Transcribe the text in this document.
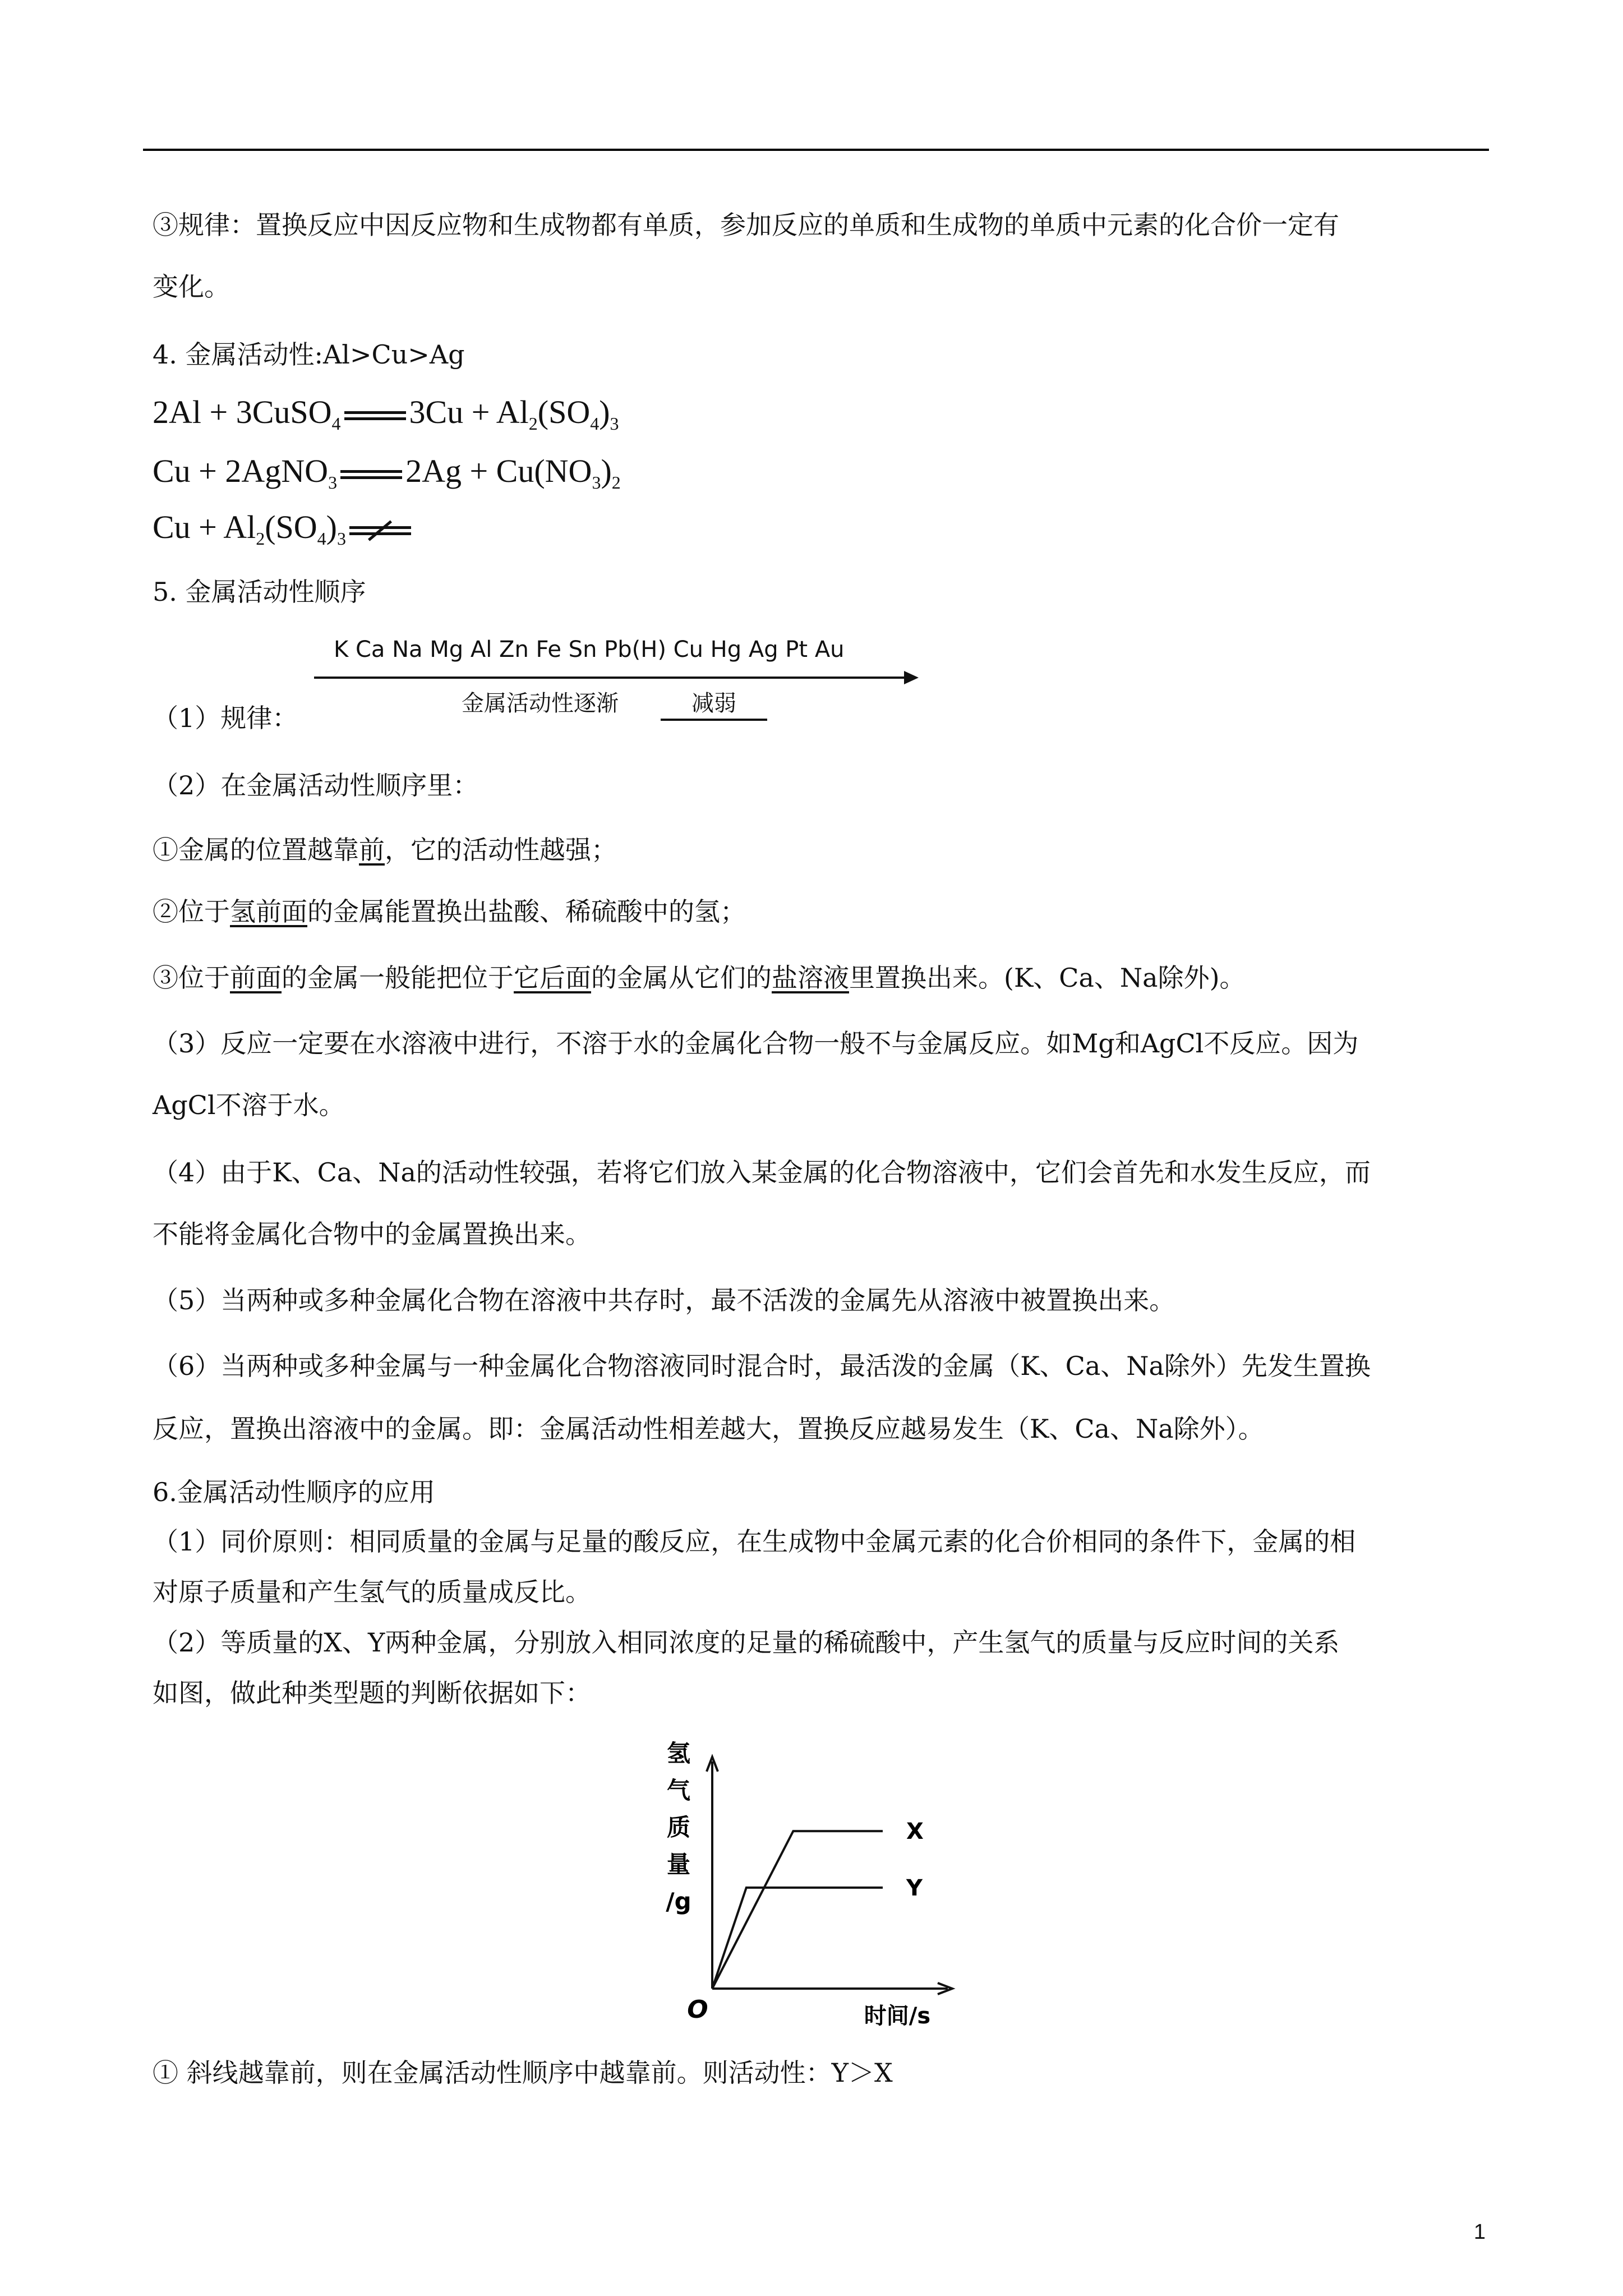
③规律：置换反应中因反应物和生成物都有单质，参加反应的单质和生成物的单质中元素的化合价一定有
变化。
4. 金属活动性:Al>Cu>Ag
2Al + 3CuSO$_4$ $3Cu + Al_2(SO_4)_3$
Cu + 2AgNO$_3$ $2Ag + Cu(NO_3)_2$
$Cu + Al_2(SO_4)_3$
5. 金属活动性顺序
K Ca Na Mg Al Zn Fe Sn Pb(H) Cu Hg Ag Pt Au
金属活动性逐渐	减弱
（1）规律：
（2）在金属活动性顺序里：
①金属的位置越靠前，它的活动性越强；
②位于氢前面的金属能置换出盐酸、稀硫酸中的氢；
③位于前面的金属一般能把位于它后面的金属从它们的盐溶液里置换出来。(K、Ca、Na除外)。
（3）反应一定要在水溶液中进行，不溶于水的金属化合物一般不与金属反应。如Mg和AgCl不反应。因为
AgCl不溶于水。
（4）由于K、Ca、Na的活动性较强，若将它们放入某金属的化合物溶液中，它们会首先和水发生反应，而
不能将金属化合物中的金属置换出来。
（5）当两种或多种金属化合物在溶液中共存时，最不活泼的金属先从溶液中被置换出来。
（6）当两种或多种金属与一种金属化合物溶液同时混合时，最活泼的金属（K、Ca、Na除外）先发生置换
反应，置换出溶液中的金属。即：金属活动性相差越大，置换反应越易发生（K、Ca、Na除外）。
6.金属活动性顺序的应用
（1）同价原则：相同质量的金属与足量的酸反应，在生成物中金属元素的化合价相同的条件下，金属的相
对原子质量和产生氢气的质量成反比。
（2）等质量的X、Y两种金属，分别放入相同浓度的足量的稀硫酸中，产生氢气的质量与反应时间的关系
如图，做此种类型题的判断依据如下：
X
Y
氢
气
质
量
/g
O	时间/s
① 斜线越靠前，则在金属活动性顺序中越靠前。则活动性：Y＞X
1
